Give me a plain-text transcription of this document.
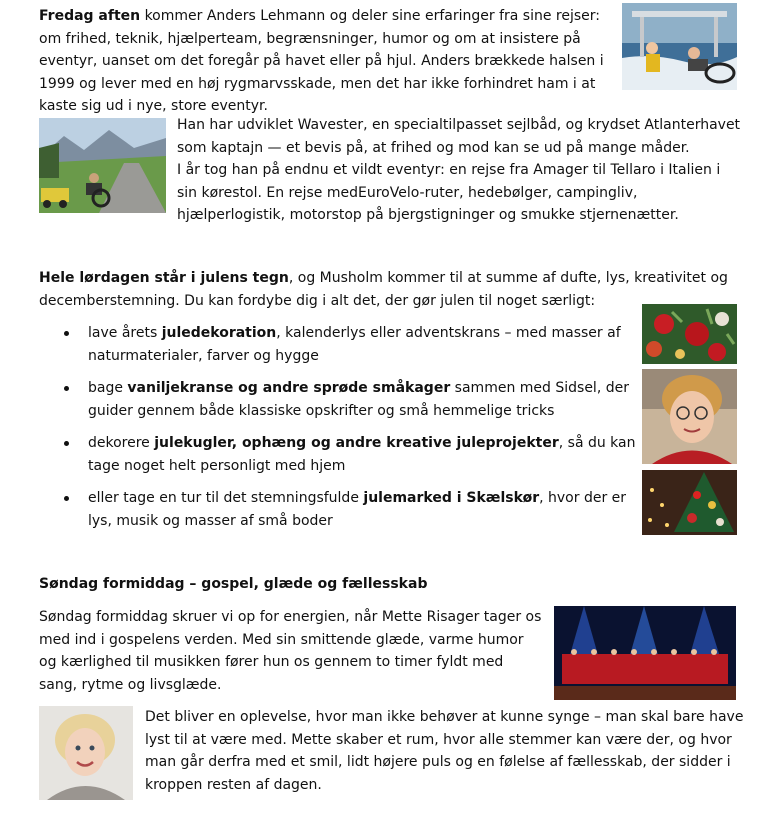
Fredag aften kommer Anders Lehmann og deler sine erfaringer fra sine rejser: om frihed, teknik, hjælperteam, begrænsninger, humor og om at insistere på eventyr, uanset om det foregår på havet eller på hjul. Anders brækkede halsen i 1999 og lever med en høj rygmarvsskade, men det har ikke forhindret ham i at kaste sig ud i nye, store eventyr.

Han har udviklet Wavester, en specialtilpasset sejlbåd, og krydset Atlanterhavet som kaptajn — et bevis på, at frihed og mod kan se ud på mange måder.

I år tog han på endnu et vildt eventyr: en rejse fra Amager til Tellaro i Italien i sin kørestol. En rejse medEuroVelo-ruter, hedebølger, campingliv, hjælperlogistik, motorstop på bjergstigninger og smukke stjernenætter.

Hele lørdagen står i julens tegn, og Musholm kommer til at summe af dufte, lys, kreativitet og decemberstemning. Du kan fordybe dig i alt det, der gør julen til noget særligt:

lave årets juledekoration, kalenderlys eller adventskrans – med masser af naturmaterialer, farver og hygge
bage vaniljekranse og andre sprøde småkager sammen med Sidsel, der guider gennem både klassiske opskrifter og små hemmelige tricks
dekorere julekugler, ophæng og andre kreative juleprojekter, så du kan tage noget helt personligt med hjem
eller tage en tur til det stemningsfulde julemarked i Skælskør, hvor der er lys, musik og masser af små boder

Søndag formiddag – gospel, glæde og fællesskab

Søndag formiddag skruer vi op for energien, når Mette Risager tager os med ind i gospelens verden. Med sin smittende glæde, varme humor og kærlighed til musikken fører hun os gennem to timer fyldt med sang, rytme og livsglæde.

Det bliver en oplevelse, hvor man ikke behøver at kunne synge – man skal bare have lyst til at være med. Mette skaber et rum, hvor alle stemmer kan være der, og hvor man går derfra med et smil, lidt højere puls og en følelse af fællesskab, der sidder i kroppen resten af dagen.
